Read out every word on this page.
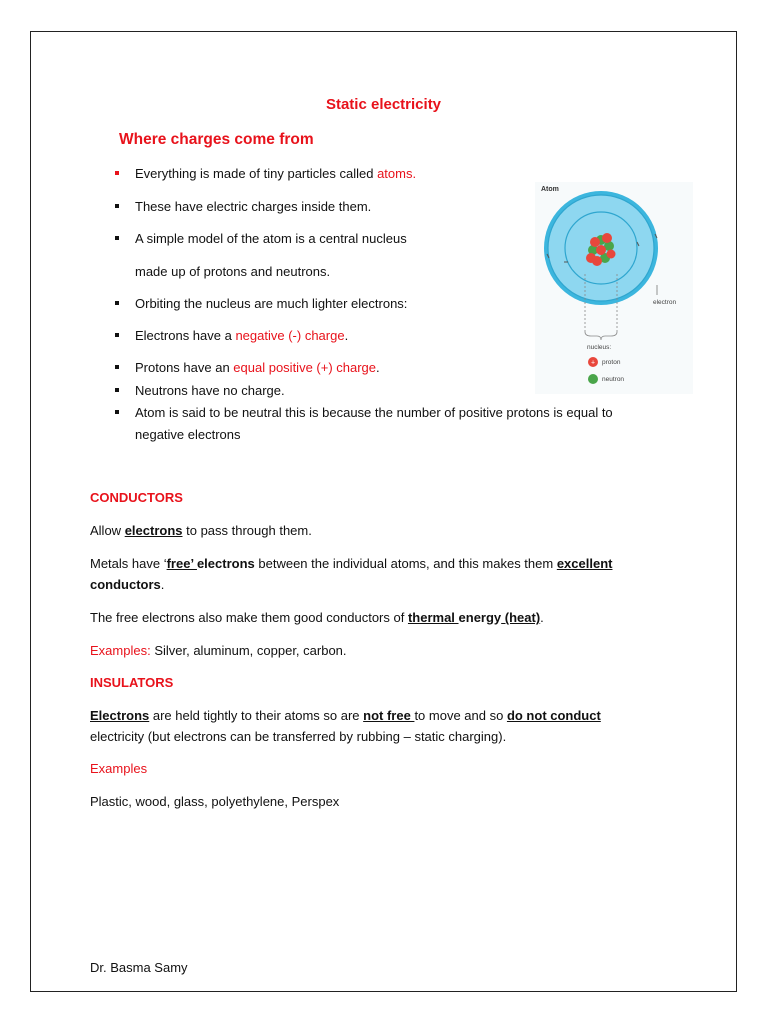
Static electricity
Where charges come from
Everything is made of tiny particles called atoms.
These have electric charges inside them.
A simple model of the atom is a central nucleus
made up of protons and neutrons.
Orbiting the nucleus are much lighter electrons:
Electrons have a negative (-) charge.
Protons have an equal positive (+) charge.
Neutrons have no charge.
Atom is said to be neutral this is because the number of positive protons is equal to
negative electrons
Atom
electron
nucleus:
+ proton
neutron
CONDUCTORS
Allow electrons to pass through them.
Metals have ‘free’ electrons between the individual atoms, and this makes them excellent
conductors.
The free electrons also make them good conductors of thermal energy (heat).
Examples: Silver, aluminum, copper, carbon.
INSULATORS
Electrons are held tightly to their atoms so are not free to move and so do not conduct
electricity (but electrons can be transferred by rubbing – static charging).
Examples
Plastic, wood, glass, polyethylene, Perspex
Dr. Basma Samy
